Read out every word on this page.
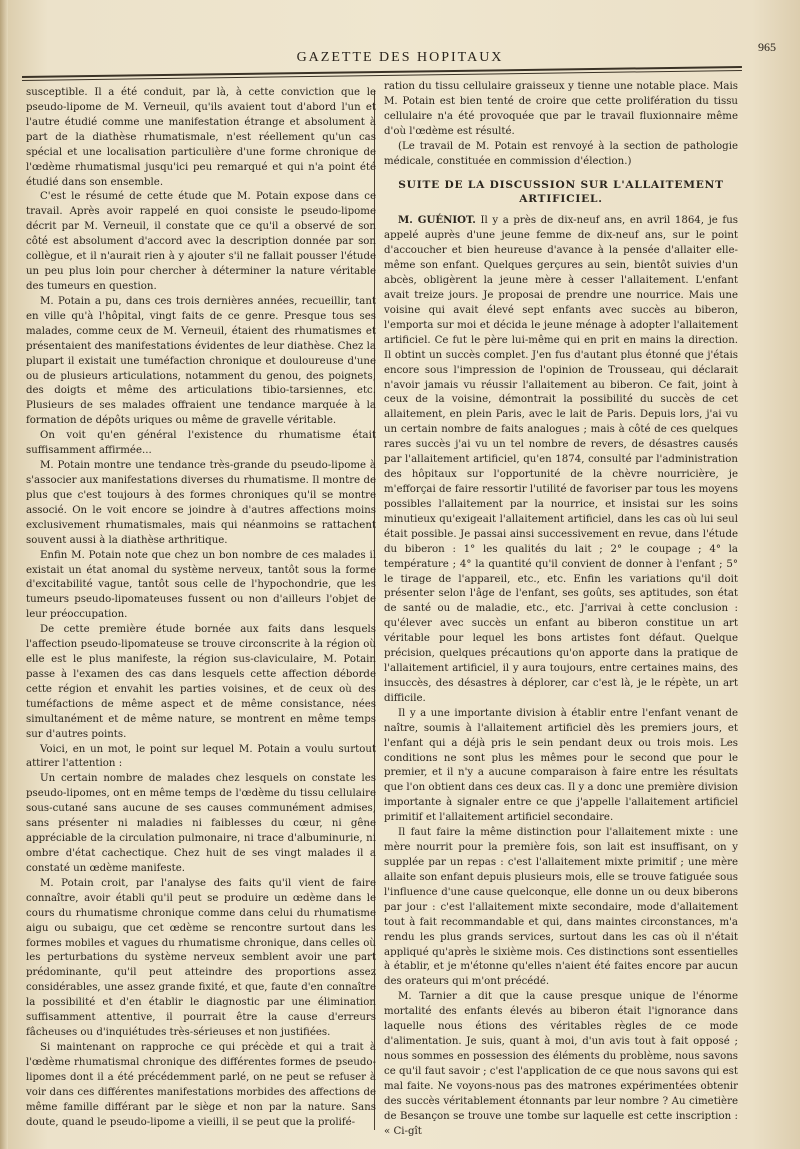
GAZETTE DES HOPITAUX
965

susceptible. Il a été conduit, par là, à cette conviction que le pseudo-lipome de M. Verneuil, qu'ils avaient tout d'abord l'un et l'autre étudié comme une manifestation étrange et absolument à part de la diathèse rhumatismale, n'est réellement qu'un cas spécial et une localisation particulière d'une forme chronique de l'œdème rhumatismal jusqu'ici peu remarqué et qui n'a point été étudié dans son ensemble.

C'est le résumé de cette étude que M. Potain expose dans ce travail. Après avoir rappelé en quoi consiste le pseudo-lipome décrit par M. Verneuil, il constate que ce qu'il a observé de son côté est absolument d'accord avec la description donnée par son collègue, et il n'aurait rien à y ajouter s'il ne fallait pousser l'étude un peu plus loin pour chercher à déterminer la nature véritable des tumeurs en question.

M. Potain a pu, dans ces trois dernières années, recueillir, tant en ville qu'à l'hôpital, vingt faits de ce genre. Presque tous ses malades, comme ceux de M. Verneuil, étaient des rhumatismes et présentaient des manifestations évidentes de leur diathèse. Chez la plupart il existait une tuméfaction chronique et douloureuse d'une ou de plusieurs articulations, notamment du genou, des poignets, des doigts et même des articulations tibio-tarsiennes, etc. Plusieurs de ses malades offraient une tendance marquée à la formation de dépôts uriques ou même de gravelle véritable.

On voit qu'en général l'existence du rhumatisme était suffisamment affirmée...

M. Potain montre une tendance très-grande du pseudo-lipome à s'associer aux manifestations diverses du rhumatisme. Il montre de plus que c'est toujours à des formes chroniques qu'il se montre associé. On le voit encore se joindre à d'autres affections moins exclusivement rhumatismales, mais qui néanmoins se rattachent souvent aussi à la diathèse arthritique.

Enfin M. Potain note que chez un bon nombre de ces malades il existait un état anomal du système nerveux, tantôt sous la forme d'excitabilité vague, tantôt sous celle de l'hypochondrie, que les tumeurs pseudo-lipomateuses fussent ou non d'ailleurs l'objet de leur préoccupation.

De cette première étude bornée aux faits dans lesquels l'affection pseudo-lipomateuse se trouve circonscrite à la région où elle est le plus manifeste, la région sus-claviculaire, M. Potain passe à l'examen des cas dans lesquels cette affection déborde cette région et envahit les parties voisines, et de ceux où des tuméfactions de même aspect et de même consistance, nées simultanément et de même nature, se montrent en même temps sur d'autres points.

Voici, en un mot, le point sur lequel M. Potain a voulu surtout attirer l'attention :

Un certain nombre de malades chez lesquels on constate les pseudo-lipomes, ont en même temps de l'œdème du tissu cellulaire sous-cutané sans aucune de ses causes communément admises, sans présenter ni maladies ni faiblesses du cœur, ni gêne appréciable de la circulation pulmonaire, ni trace d'albuminurie, ni ombre d'état cachectique. Chez huit de ses vingt malades il a constaté un œdème manifeste.

M. Potain croit, par l'analyse des faits qu'il vient de faire connaître, avoir établi qu'il peut se produire un œdème dans le cours du rhumatisme chronique comme dans celui du rhumatisme aigu ou subaigu, que cet œdème se rencontre surtout dans les formes mobiles et vagues du rhumatisme chronique, dans celles où les perturbations du système nerveux semblent avoir une part prédominante, qu'il peut atteindre des proportions assez considérables, une assez grande fixité, et que, faute d'en connaître la possibilité et d'en établir le diagnostic par une élimination suffisamment attentive, il pourrait être la cause d'erreurs fâcheuses ou d'inquiétudes très-sérieuses et non justifiées.

Si maintenant on rapproche ce qui précède et qui a trait à l'œdème rhumatismal chronique des différentes formes de pseudo-lipomes dont il a été précédemment parlé, on ne peut se refuser à voir dans ces différentes manifestations morbides des affections de même famille différant par le siège et non par la nature. Sans doute, quand le pseudo-lipome a vieilli, il se peut que la prolifé-

ration du tissu cellulaire graisseux y tienne une notable place. Mais M. Potain est bien tenté de croire que cette prolifération du tissu cellulaire n'a été provoquée que par le travail fluxionnaire même d'où l'œdème est résulté.

(Le travail de M. Potain est renvoyé à la section de pathologie médicale, constituée en commission d'élection.)

SUITE DE LA DISCUSSION SUR L'ALLAITEMENT ARTIFICIEL.

M. GUÉNIOT. Il y a près de dix-neuf ans, en avril 1864, je fus appelé auprès d'une jeune femme de dix-neuf ans, sur le point d'accoucher et bien heureuse d'avance à la pensée d'allaiter elle-même son enfant. Quelques gerçures au sein, bientôt suivies d'un abcès, obligèrent la jeune mère à cesser l'allaitement. L'enfant avait treize jours. Je proposai de prendre une nourrice. Mais une voisine qui avait élevé sept enfants avec succès au biberon, l'emporta sur moi et décida le jeune ménage à adopter l'allaitement artificiel. Ce fut le père lui-même qui en prit en mains la direction. Il obtint un succès complet. J'en fus d'autant plus étonné que j'étais encore sous l'impression de l'opinion de Trousseau, qui déclarait n'avoir jamais vu réussir l'allaitement au biberon. Ce fait, joint à ceux de la voisine, démontrait la possibilité du succès de cet allaitement, en plein Paris, avec le lait de Paris. Depuis lors, j'ai vu un certain nombre de faits analogues ; mais à côté de ces quelques rares succès j'ai vu un tel nombre de revers, de désastres causés par l'allaitement artificiel, qu'en 1874, consulté par l'administration des hôpitaux sur l'opportunité de la chèvre nourricière, je m'efforçai de faire ressortir l'utilité de favoriser par tous les moyens possibles l'allaitement par la nourrice, et insistai sur les soins minutieux qu'exigeait l'allaitement artificiel, dans les cas où lui seul était possible. Je passai ainsi successivement en revue, dans l'étude du biberon : 1° les qualités du lait ; 2° le coupage ; 4° la température ; 4° la quantité qu'il convient de donner à l'enfant ; 5° le tirage de l'appareil, etc., etc. Enfin les variations qu'il doit présenter selon l'âge de l'enfant, ses goûts, ses aptitudes, son état de santé ou de maladie, etc., etc. J'arrivai à cette conclusion : qu'élever avec succès un enfant au biberon constitue un art véritable pour lequel les bons artistes font défaut. Quelque précision, quelques précautions qu'on apporte dans la pratique de l'allaitement artificiel, il y aura toujours, entre certaines mains, des insuccès, des désastres à déplorer, car c'est là, je le répète, un art difficile.

Il y a une importante division à établir entre l'enfant venant de naître, soumis à l'allaitement artificiel dès les premiers jours, et l'enfant qui a déjà pris le sein pendant deux ou trois mois. Les conditions ne sont plus les mêmes pour le second que pour le premier, et il n'y a aucune comparaison à faire entre les résultats que l'on obtient dans ces deux cas. Il y a donc une première division importante à signaler entre ce que j'appelle l'allaitement artificiel primitif et l'allaitement artificiel secondaire.

Il faut faire la même distinction pour l'allaitement mixte : une mère nourrit pour la première fois, son lait est insuffisant, on y supplée par un repas : c'est l'allaitement mixte primitif ; une mère allaite son enfant depuis plusieurs mois, elle se trouve fatiguée sous l'influence d'une cause quelconque, elle donne un ou deux biberons par jour : c'est l'allaitement mixte secondaire, mode d'allaitement tout à fait recommandable et qui, dans maintes circonstances, m'a rendu les plus grands services, surtout dans les cas où il n'était appliqué qu'après le sixième mois. Ces distinctions sont essentielles à établir, et je m'étonne qu'elles n'aient été faites encore par aucun des orateurs qui m'ont précédé.

M. Tarnier a dit que la cause presque unique de l'énorme mortalité des enfants élevés au biberon était l'ignorance dans laquelle nous étions des véritables règles de ce mode d'alimentation. Je suis, quant à moi, d'un avis tout à fait opposé ; nous sommes en possession des éléments du problème, nous savons ce qu'il faut savoir ; c'est l'application de ce que nous savons qui est mal faite. Ne voyons-nous pas des matrones expérimentées obtenir des succès véritablement étonnants par leur nombre ? Au cimetière de Besançon se trouve une tombe sur laquelle est cette inscription : « Ci-gît
